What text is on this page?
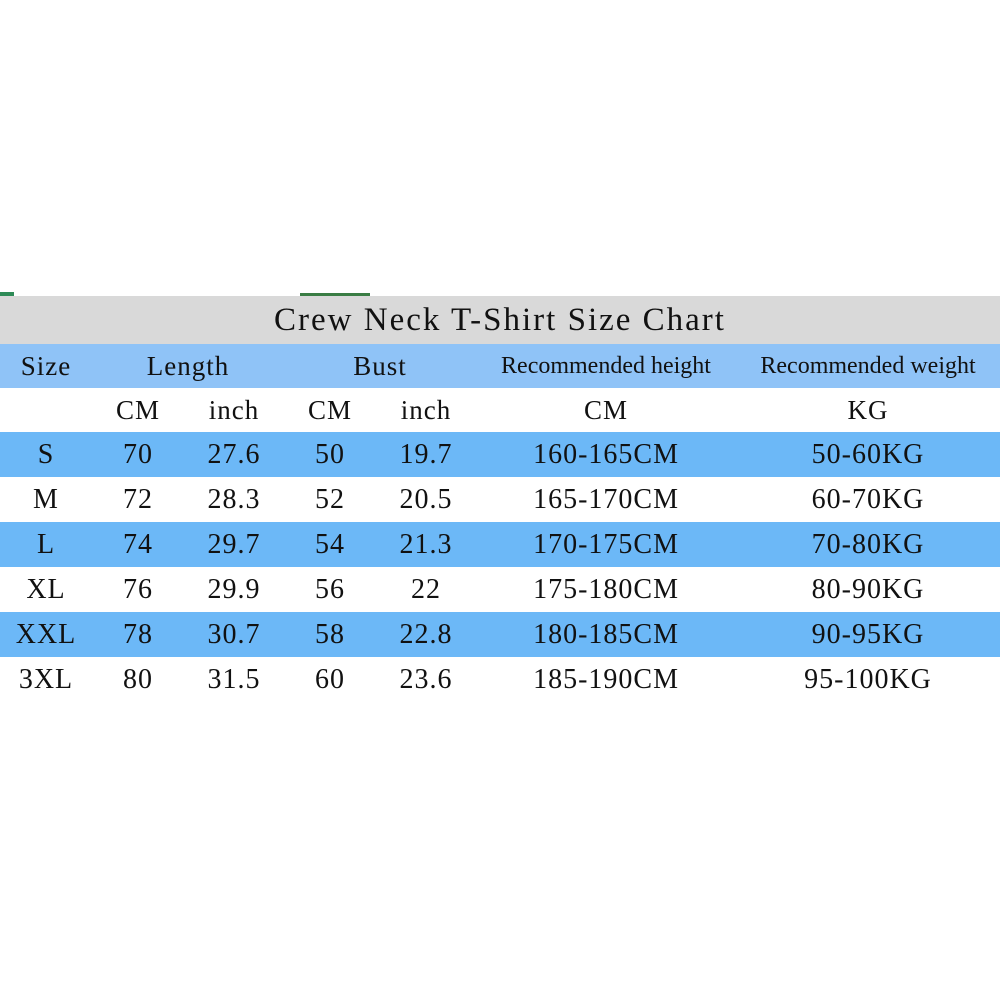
Crew Neck T-Shirt Size Chart
Size	Length		Bust		Recommended height	Recommended weight
	CM	inch	CM	inch	CM	KG
S	70	27.6	50	19.7	160-165CM	50-60KG
M	72	28.3	52	20.5	165-170CM	60-70KG
L	74	29.7	54	21.3	170-175CM	70-80KG
XL	76	29.9	56	22	175-180CM	80-90KG
XXL	78	30.7	58	22.8	180-185CM	90-95KG
3XL	80	31.5	60	23.6	185-190CM	95-100KG
